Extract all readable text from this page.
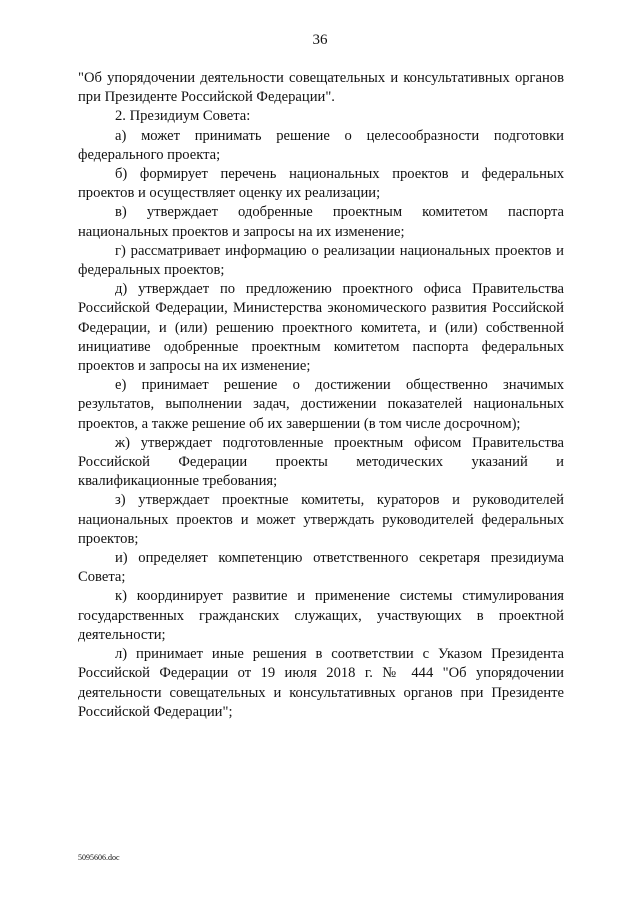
36

"Об упорядочении деятельности совещательных и консультативных органов при Президенте Российской Федерации".

2. Президиум Совета:

а) может принимать решение о целесообразности подготовки федерального проекта;

б) формирует перечень национальных проектов и федеральных проектов и осуществляет оценку их реализации;

в) утверждает одобренные проектным комитетом паспорта национальных проектов и запросы на их изменение;

г) рассматривает информацию о реализации национальных проектов и федеральных проектов;

д) утверждает по предложению проектного офиса Правительства Российской Федерации, Министерства экономического развития Российской Федерации, и (или) решению проектного комитета, и (или) собственной инициативе одобренные проектным комитетом паспорта федеральных проектов и запросы на их изменение;

е) принимает решение о достижении общественно значимых результатов, выполнении задач, достижении показателей национальных проектов, а также решение об их завершении (в том числе досрочном);

ж) утверждает подготовленные проектным офисом Правительства Российской Федерации проекты методических указаний и квалификационные требования;

з) утверждает проектные комитеты, кураторов и руководителей национальных проектов и может утверждать руководителей федеральных проектов;

и) определяет компетенцию ответственного секретаря президиума Совета;

к) координирует развитие и применение системы стимулирования государственных гражданских служащих, участвующих в проектной деятельности;

л) принимает иные решения в соответствии с Указом Президента Российской Федерации от 19 июля 2018 г. № 444 "Об упорядочении деятельности совещательных и консультативных органов при Президенте Российской Федерации";

5095606.doc
